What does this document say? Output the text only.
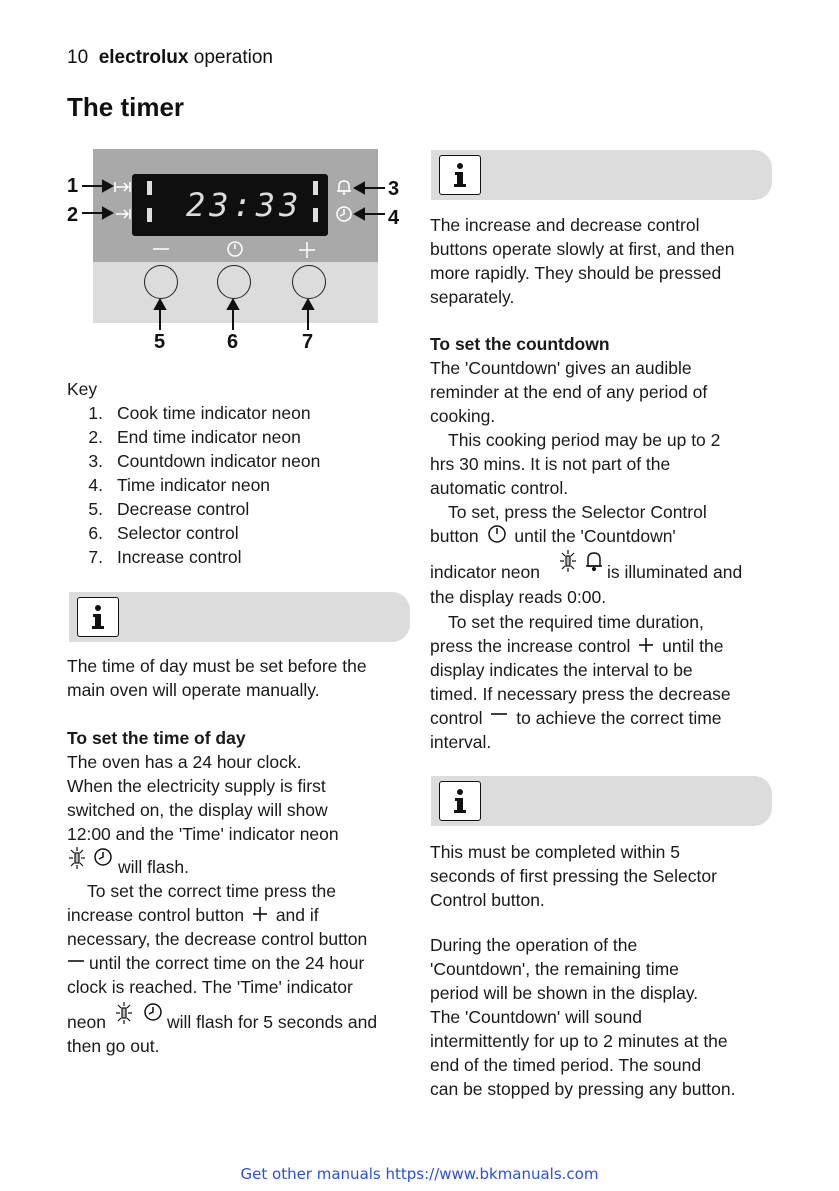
10 electrolux operation
The timer
23:33
1
2
3
4
5	6	7
Key
1. Cook time indicator neon
2. End time indicator neon
3. Countdown indicator neon
4. Time indicator neon
5. Decrease control
6. Selector control
7. Increase control
The time of day must be set before the
main oven will operate manually.
To set the time of day
The oven has a 24 hour clock.
When the electricity supply is first
switched on, the display will show
12:00 and the 'Time' indicator neon
will flash.
To set the correct time press the
increase control button and if
necessary, the decrease control button
until the correct time on the 24 hour
clock is reached. The 'Time' indicator
neon	will flash for 5 seconds and
then go out.
The increase and decrease control
buttons operate slowly at first, and then
more rapidly. They should be pressed
separately.
To set the countdown
The 'Countdown' gives an audible
reminder at the end of any period of
cooking.
This cooking period may be up to 2
hrs 30 mins. It is not part of the
automatic control.
To set, press the Selector Control
button until the 'Countdown'
indicator neon	is illuminated and
the display reads 0:00.
To set the required time duration,
press the increase control until the
display indicates the interval to be
timed. If necessary press the decrease
control to achieve the correct time
interval.
This must be completed within 5
seconds of first pressing the Selector
Control button.
During the operation of the
'Countdown', the remaining time
period will be shown in the display.
The 'Countdown' will sound
intermittently for up to 2 minutes at the
end of the timed period. The sound
can be stopped by pressing any button.
Get other manuals https://www.bkmanuals.com
